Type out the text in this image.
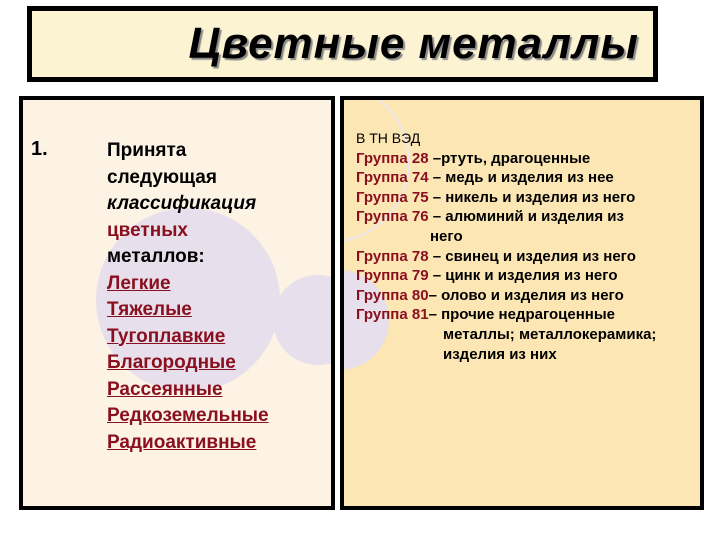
Цветные металлы
1.	Принята
следующая
классификация
цветных
металлов:
Легкие
Тяжелые
Тугоплавкие
Благородные
Рассеянные
Редкоземельные
Радиоактивные
В ТН ВЭД
Группа 28 –ртуть, драгоценные
Группа 74 – медь и изделия из нее
Группа 75 – никель и изделия из него
Группа 76 – алюминий и изделия из
него
Группа 78 – свинец и изделия из него
Группа 79 – цинк и изделия из него
Группа 80– олово и изделия из него
Группа 81– прочие недрагоценные
металлы; металлокерамика;
изделия из них
